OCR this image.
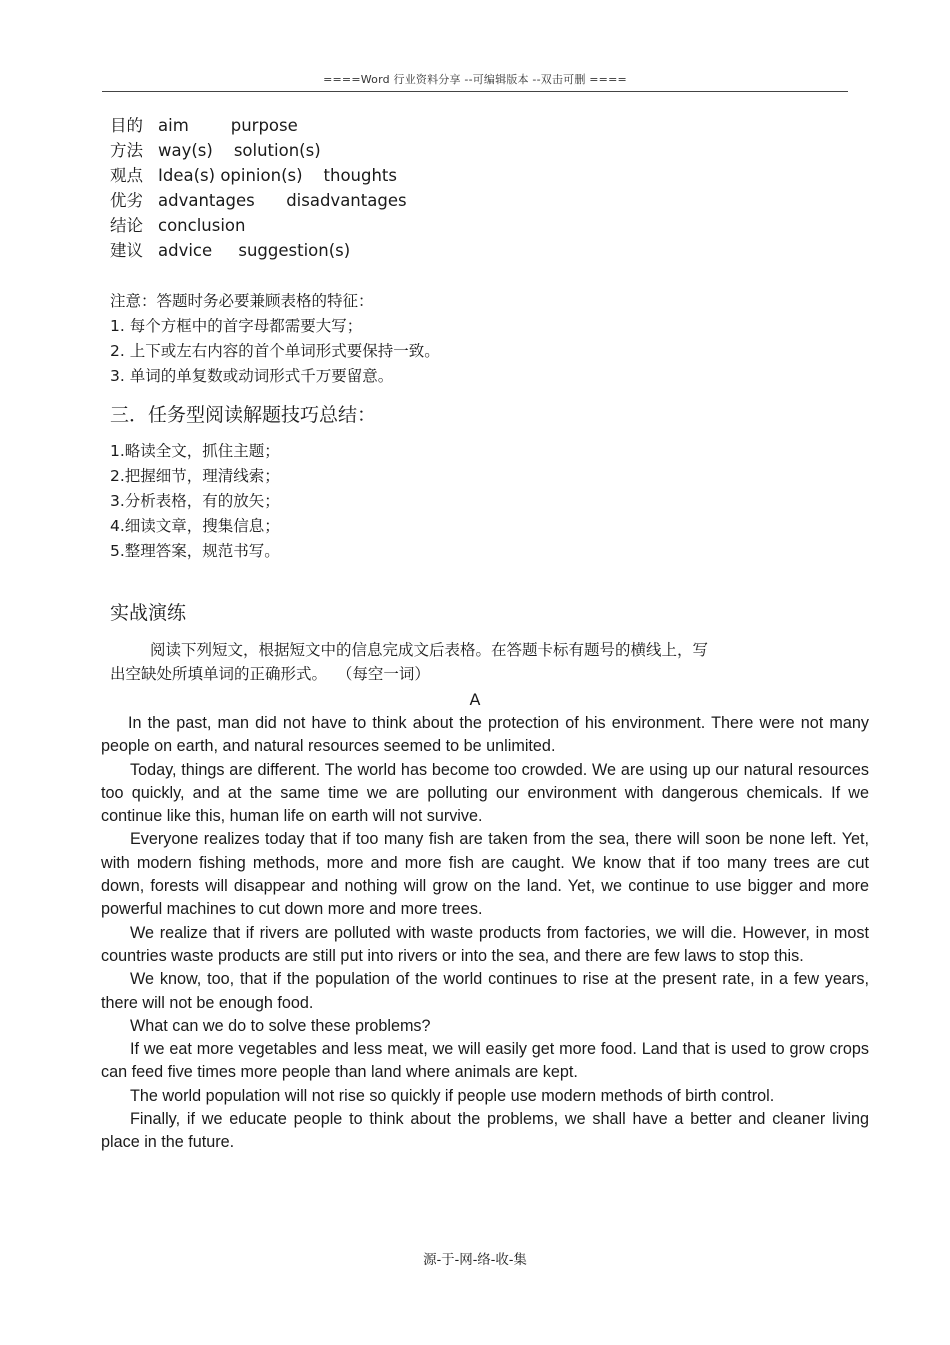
====Word 行业资料分享 --可编辑版本 --双击可删 ====
目的 aim        purpose
方法 way(s)    solution(s)
观点 Idea(s) opinion(s)    thoughts
优劣 advantages      disadvantages
结论 conclusion
建议 advice     suggestion(s)
注意：答题时务必要兼顾表格的特征：
1. 每个方框中的首字母都需要大写；
2. 上下或左右内容的首个单词形式要保持一致。
3. 单词的单复数或动词形式千万要留意。
三．任务型阅读解题技巧总结：
1.略读全文，抓住主题；
2.把握细节，理清线索；
3.分析表格，有的放矢；
4.细读文章，搜集信息；
5.整理答案，规范书写。
实战演练
阅读下列短文，根据短文中的信息完成文后表格。在答题卡标有题号的横线上，写
出空缺处所填单词的正确形式。  （每空一词）
A

In the past, man did not have to think about the protection of his environment. There were not many people on earth, and natural resources seemed to be unlimited.

Today, things are different. The world has become too crowded. We are using up our natural resources too quickly, and at the same time we are polluting our environment with dangerous chemicals. If we continue like this, human life on earth will not survive.

Everyone realizes today that if too many fish are taken from the sea, there will soon be none left. Yet, with modern fishing methods, more and more fish are caught. We know that if too many trees are cut down, forests will disappear and nothing will grow on the land. Yet, we continue to use bigger and more powerful machines to cut down more and more trees.

We realize that if rivers are polluted with waste products from factories, we will die. However, in most countries waste products are still put into rivers or into the sea, and there are few laws to stop this.

We know, too, that if the population of the world continues to rise at the present rate, in a few years, there will not be enough food.

What can we do to solve these problems?

If we eat more vegetables and less meat, we will easily get more food. Land that is used to grow crops can feed five times more people than land where animals are kept.

The world population will not rise so quickly if people use modern methods of birth control.

Finally, if we educate people to think about the problems, we shall have a better and cleaner living place in the future.

源-于-网-络-收-集
